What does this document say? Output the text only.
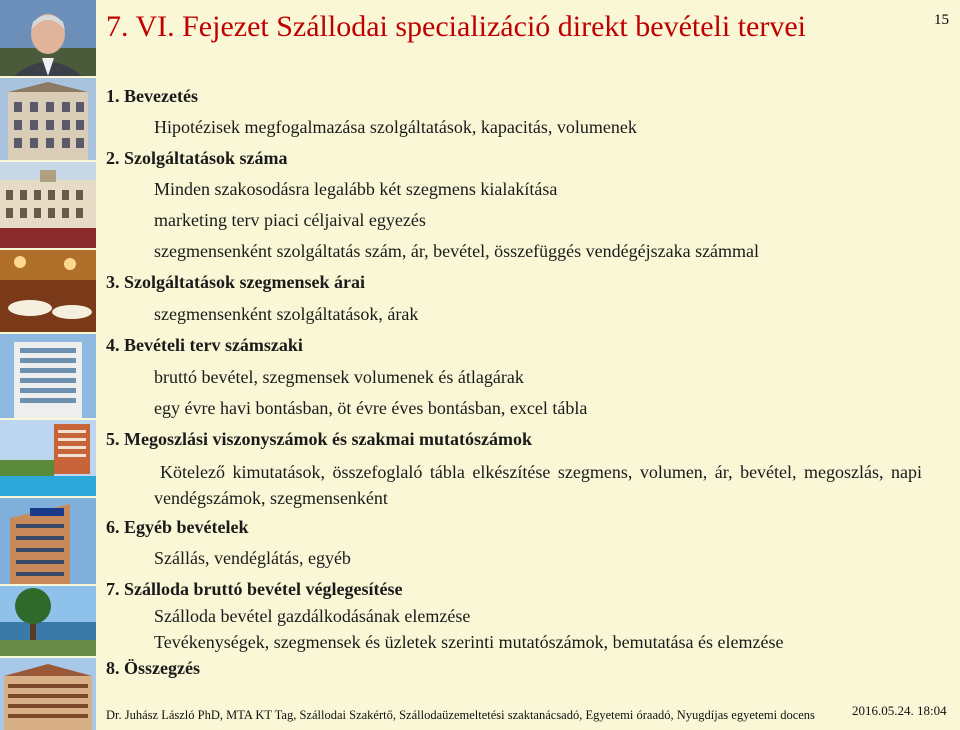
7. VI. Fejezet Szállodai specializáció direkt bevételi tervei	15
1. Bevezetés
Hipotézisek megfogalmazása szolgáltatások, kapacitás, volumenek
2. Szolgáltatások száma
Minden szakosodásra legalább két szegmens kialakítása
marketing terv piaci céljaival egyezés
szegmensenként szolgáltatás szám, ár, bevétel, összefüggés vendégéjszaka számmal
3. Szolgáltatások szegmensek árai
szegmensenként szolgáltatások, árak
4. Bevételi terv számszaki
bruttó bevétel, szegmensek volumenek és átlagárak
egy évre havi bontásban, öt évre éves bontásban, excel tábla
5. Megoszlási viszonyszámok és szakmai mutatószámok
Kötelező kimutatások, összefoglaló tábla elkészítése szegmens, volumen, ár, bevétel, megoszlás, napi vendégszámok, szegmensenként
6. Egyéb bevételek
Szállás, vendéglátás, egyéb
7. Szálloda bruttó bevétel véglegesítése
Szálloda bevétel gazdálkodásának elemzése
Tevékenységek, szegmensek és üzletek szerinti mutatószámok, bemutatása és elemzése
8. Összegzés
Dr. Juhász László PhD, MTA KT Tag, Szállodai Szakértő, Szállodaüzemeltetési szaktanácsadó, Egyetemi óraadó, Nyugdíjas egyetemi docens	2016.05.24. 18:04
